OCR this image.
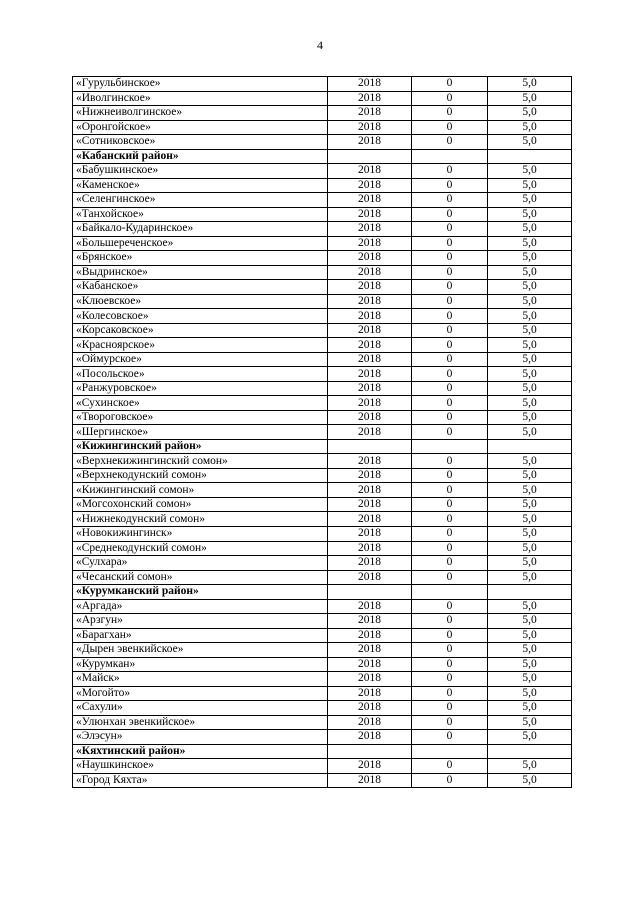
4
«Гурульбинское»	2018	0	5,0
«Иволгинское»	2018	0	5,0
«Нижнеиволгинское»	2018	0	5,0
«Оронгойское»	2018	0	5,0
«Сотниковское»	2018	0	5,0
«Кабанский район»			
«Бабушкинское»	2018	0	5,0
«Каменское»	2018	0	5,0
«Селенгинское»	2018	0	5,0
«Танхойское»	2018	0	5,0
«Байкало-Кударинское»	2018	0	5,0
«Большереченское»	2018	0	5,0
«Брянское»	2018	0	5,0
«Выдринское»	2018	0	5,0
«Кабанское»	2018	0	5,0
«Клюевское»	2018	0	5,0
«Колесовское»	2018	0	5,0
«Корсаковское»	2018	0	5,0
«Красноярское»	2018	0	5,0
«Оймурское»	2018	0	5,0
«Посольское»	2018	0	5,0
«Ранжуровское»	2018	0	5,0
«Сухинское»	2018	0	5,0
«Твороговское»	2018	0	5,0
«Шергинское»	2018	0	5,0
«Кижингинский район»			
«Верхнекижингинский сомон»	2018	0	5,0
«Верхнекодунский сомон»	2018	0	5,0
«Кижингинский сомон»	2018	0	5,0
«Могсохонский сомон»	2018	0	5,0
«Нижнекодунский сомон»	2018	0	5,0
«Новокижингинск»	2018	0	5,0
«Среднекодунский сомон»	2018	0	5,0
«Сулхара»	2018	0	5,0
«Чесанский сомон»	2018	0	5,0
«Курумканский район»			
«Аргада»	2018	0	5,0
«Арзгун»	2018	0	5,0
«Барагхан»	2018	0	5,0
«Дырен эвенкийское»	2018	0	5,0
«Курумкан»	2018	0	5,0
«Майск»	2018	0	5,0
«Могойто»	2018	0	5,0
«Сахули»	2018	0	5,0
«Улюнхан эвенкийское»	2018	0	5,0
«Элэсун»	2018	0	5,0
«Кяхтинский район»			
«Наушкинское»	2018	0	5,0
«Город Кяхта»	2018	0	5,0
